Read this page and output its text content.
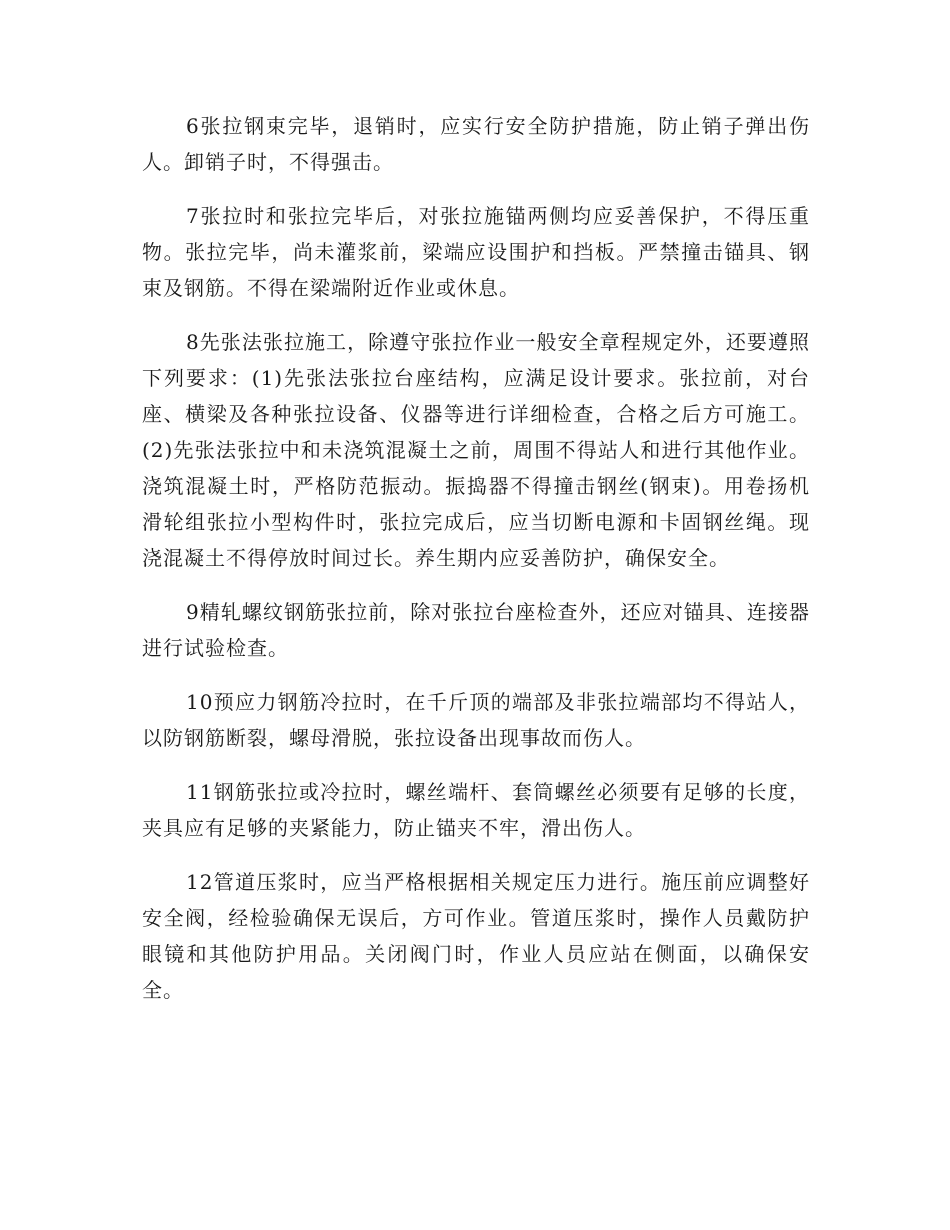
6张拉钢束完毕，退销时，应实行安全防护措施，防止销子弹出伤人。卸销子时，不得强击。

7张拉时和张拉完毕后，对张拉施锚两侧均应妥善保护，不得压重物。张拉完毕，尚未灌浆前，梁端应设围护和挡板。严禁撞击锚具、钢束及钢筋。不得在梁端附近作业或休息。

8先张法张拉施工，除遵守张拉作业一般安全章程规定外，还要遵照下列要求：(1)先张法张拉台座结构，应满足设计要求。张拉前，对台座、横梁及各种张拉设备、仪器等进行详细检查，合格之后方可施工。(2)先张法张拉中和未浇筑混凝土之前，周围不得站人和进行其他作业。浇筑混凝土时，严格防范振动。振捣器不得撞击钢丝(钢束)。用卷扬机滑轮组张拉小型构件时，张拉完成后，应当切断电源和卡固钢丝绳。现浇混凝土不得停放时间过长。养生期内应妥善防护，确保安全。

9精轧螺纹钢筋张拉前，除对张拉台座检查外，还应对锚具、连接器进行试验检查。

10预应力钢筋冷拉时，在千斤顶的端部及非张拉端部均不得站人，以防钢筋断裂，螺母滑脱，张拉设备出现事故而伤人。

11钢筋张拉或冷拉时，螺丝端杆、套筒螺丝必须要有足够的长度，夹具应有足够的夹紧能力，防止锚夹不牢，滑出伤人。

12管道压浆时，应当严格根据相关规定压力进行。施压前应调整好安全阀，经检验确保无误后，方可作业。管道压浆时，操作人员戴防护眼镜和其他防护用品。关闭阀门时，作业人员应站在侧面，以确保安全。
